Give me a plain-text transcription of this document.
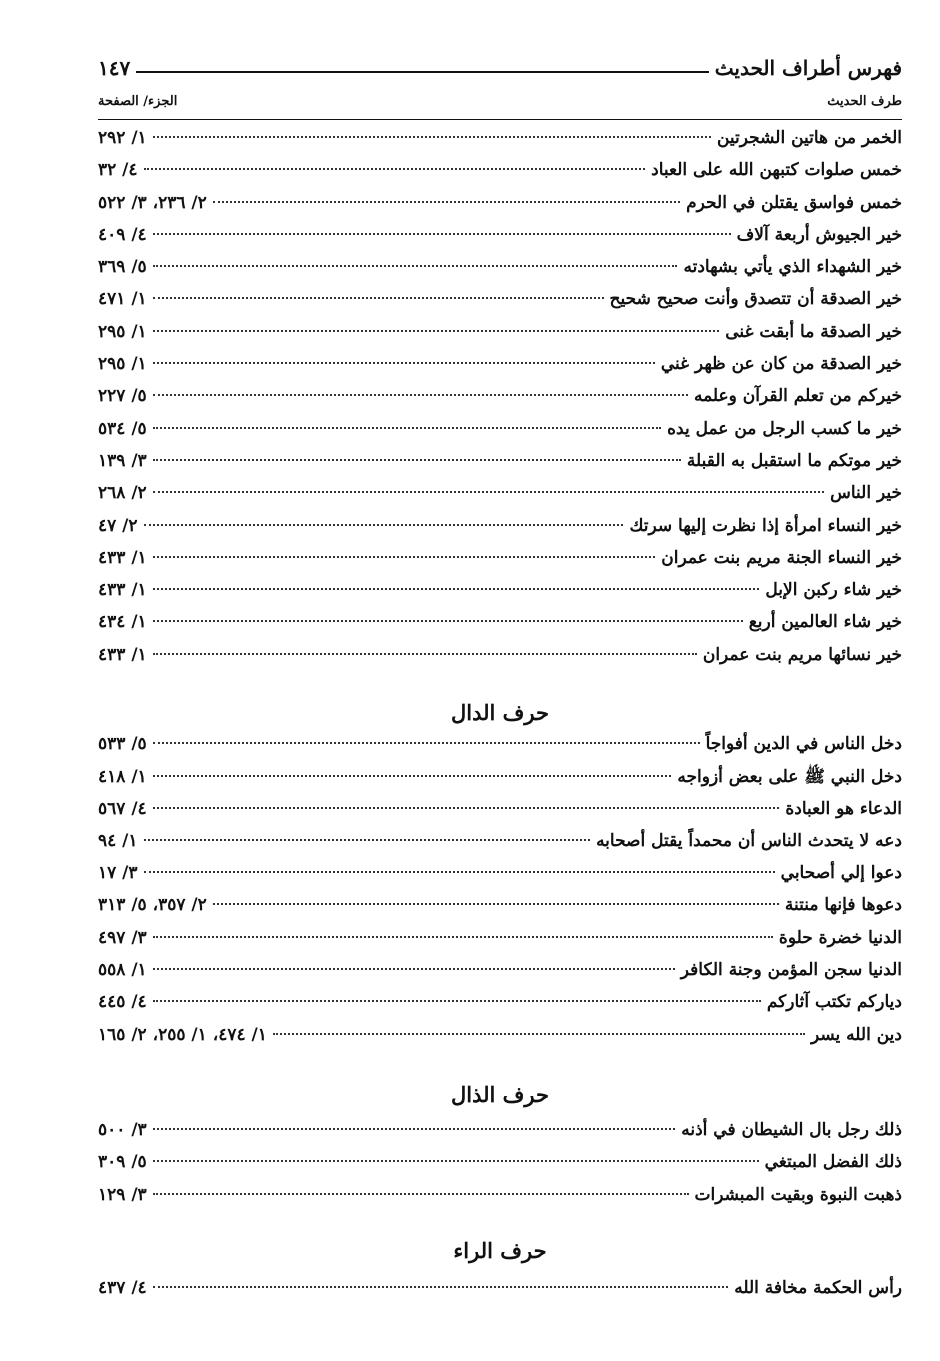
فهرس أطراف الحديث
١٤٧
طرف الحديث
الجزء/ الصفحة
الخمر من هاتين الشجرتين
١/ ٢٩٢
خمس صلوات كتبهن الله على العباد
٤/ ٣٢
خمس فواسق يقتلن في الحرم
٢/ ٢٣٦، ٣/ ٥٢٢
خير الجيوش أربعة آلاف
٤/ ٤٠٩
خير الشهداء الذي يأتي بشهادته
٥/ ٣٦٩
خير الصدقة أن تتصدق وأنت صحيح شحيح
١/ ٤٧١
خير الصدقة ما أبقت غنى
١/ ٢٩٥
خير الصدقة من كان عن ظهر غني
١/ ٢٩٥
خيركم من تعلم القرآن وعلمه
٥/ ٢٢٧
خير ما كسب الرجل من عمل يده
٥/ ٥٣٤
خير موتكم ما استقبل به القبلة
٣/ ١٣٩
خير الناس
٢/ ٢٦٨
خير النساء امرأة إذا نظرت إليها سرتك
٢/ ٤٧
خير النساء الجنة مريم بنت عمران
١/ ٤٣٣
خير شاء ركبن الإبل
١/ ٤٣٣
خير شاء العالمين أربع
١/ ٤٣٤
خير نسائها مريم بنت عمران
١/ ٤٣٣
حرف الدال
دخل الناس في الدين أفواجاً
٥/ ٥٣٣
دخل النبي ﷺ على بعض أزواجه
١/ ٤١٨
الدعاء هو العبادة
٤/ ٥٦٧
دعه لا يتحدث الناس أن محمداً يقتل أصحابه
١/ ٩٤
دعوا إلي أصحابي
٣/ ١٧
دعوها فإنها منتنة
٢/ ٣٥٧، ٥/ ٣١٣
الدنيا خضرة حلوة
٣/ ٤٩٧
الدنيا سجن المؤمن وجنة الكافر
١/ ٥٥٨
دياركم تكتب آثاركم
٤/ ٤٤٥
دين الله يسر
١/ ٤٧٤، ١/ ٢٥٥، ٢/ ١٦٥
حرف الذال
ذلك رجل بال الشيطان في أذنه
٣/ ٥٠٠
ذلك الفضل المبتغي
٥/ ٣٠٩
ذهبت النبوة وبقيت المبشرات
٣/ ١٢٩
حرف الراء
رأس الحكمة مخافة الله
٤/ ٤٣٧
